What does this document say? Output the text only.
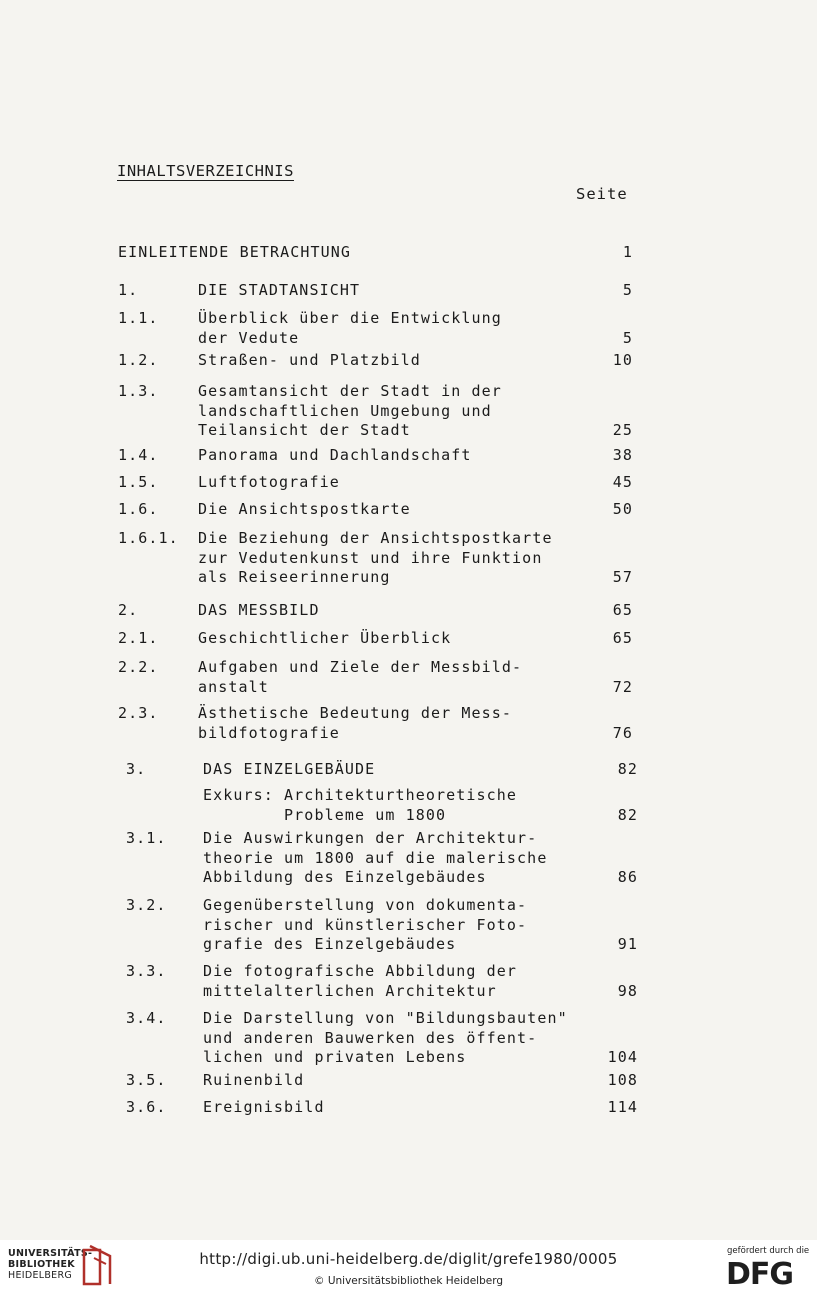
INHALTSVERZEICHNIS
Seite
EINLEITENDE BETRACHTUNG	1
1.	DIE STADTANSICHT	5
1.1.	Überblick über die Entwicklung
der Vedute	5
1.2.	Straßen- und Platzbild	10
1.3.	Gesamtansicht der Stadt in der
landschaftlichen Umgebung und
Teilansicht der Stadt	25
1.4.	Panorama und Dachlandschaft	38
1.5.	Luftfotografie	45
1.6.	Die Ansichtspostkarte	50
1.6.1. Die Beziehung der Ansichtspostkarte
zur Vedutenkunst und ihre Funktion
als Reiseerinnerung	57
2.	DAS MESSBILD	65
2.1.	Geschichtlicher Überblick	65
2.2.	Aufgaben und Ziele der Messbild-
anstalt	72
2.3.	Ästhetische Bedeutung der Mess-
bildfotografie	76
3.	DAS EINZELGEBÄUDE	82
Exkurs: Architekturtheoretische
Probleme um 1800	82
3.1. Die Auswirkungen der Architektur-
theorie um 1800 auf die malerische
Abbildung des Einzelgebäudes	86
3.2. Gegenüberstellung von dokumenta-
rischer und künstlerischer Foto-
grafie des Einzelgebäudes	91
3.3. Die fotografische Abbildung der
mittelalterlichen Architektur	98
3.4. Die Darstellung von "Bildungsbauten"
und anderen Bauwerken des öffent-
lichen und privaten Lebens	104
3.5. Ruinenbild	108
3.6. Ereignisbild	114
UNIVERSITÄTS-
BIBLIOTHEK
HEIDELBERG
http://digi.ub.uni-heidelberg.de/diglit/grefe1980/0005
© Universitätsbibliothek Heidelberg
gefördert durch die
DFG
